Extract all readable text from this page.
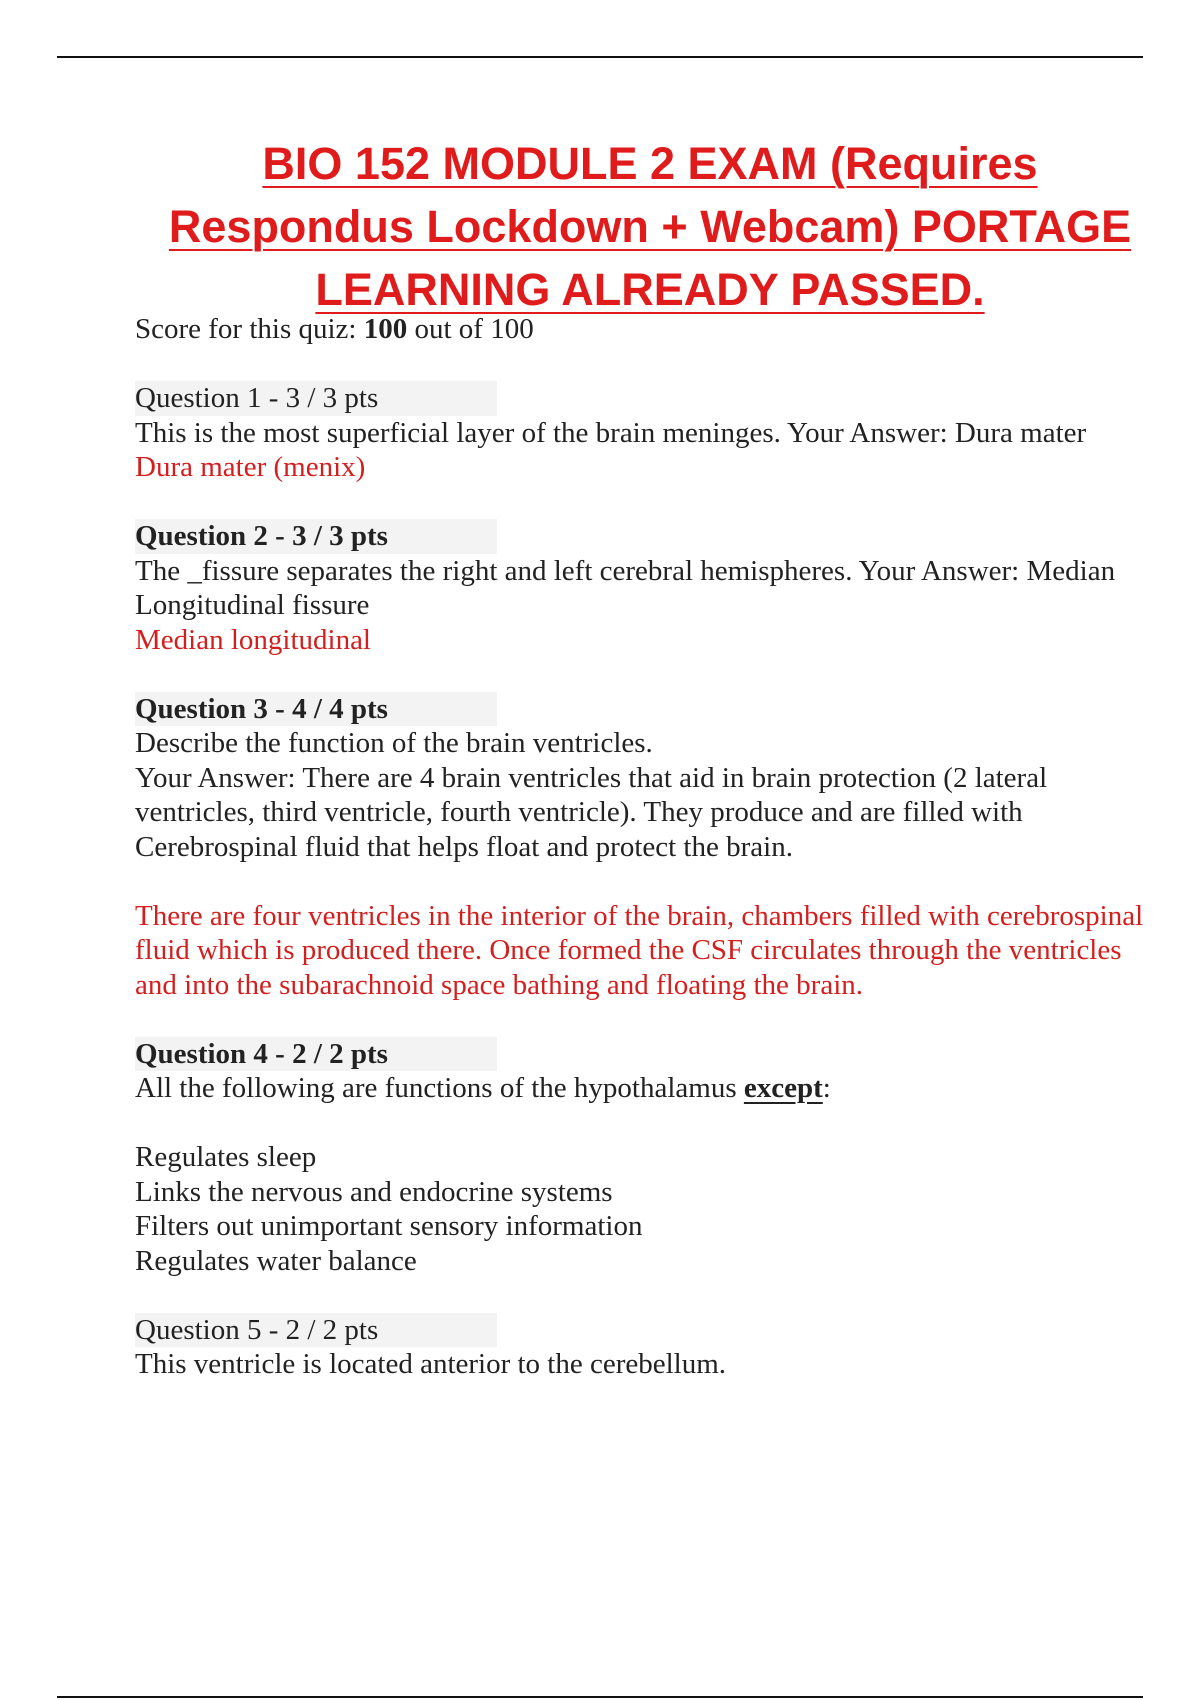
BIO 152 MODULE 2 EXAM (Requires
Respondus Lockdown + Webcam) PORTAGE
LEARNING ALREADY PASSED.

Score for this quiz: 100 out of 100

Question 1 - 3 / 3 pts

This is the most superficial layer of the brain meninges. Your Answer: Dura mater

Dura mater (menix)

Question 2 - 3 / 3 pts

The _fissure separates the right and left cerebral hemispheres. Your Answer: Median Longitudinal fissure

Median longitudinal

Question 3 - 4 / 4 pts

Describe the function of the brain ventricles.

Your Answer: There are 4 brain ventricles that aid in brain protection (2 lateral ventricles, third ventricle, fourth ventricle). They produce and are filled with Cerebrospinal fluid that helps float and protect the brain.

There are four ventricles in the interior of the brain, chambers filled with cerebrospinal fluid which is produced there. Once formed the CSF circulates through the ventricles and into the subarachnoid space bathing and floating the brain.

Question 4 - 2 / 2 pts

All the following are functions of the hypothalamus except:

Regulates sleep

Links the nervous and endocrine systems

Filters out unimportant sensory information

Regulates water balance

Question 5 - 2 / 2 pts

This ventricle is located anterior to the cerebellum.
